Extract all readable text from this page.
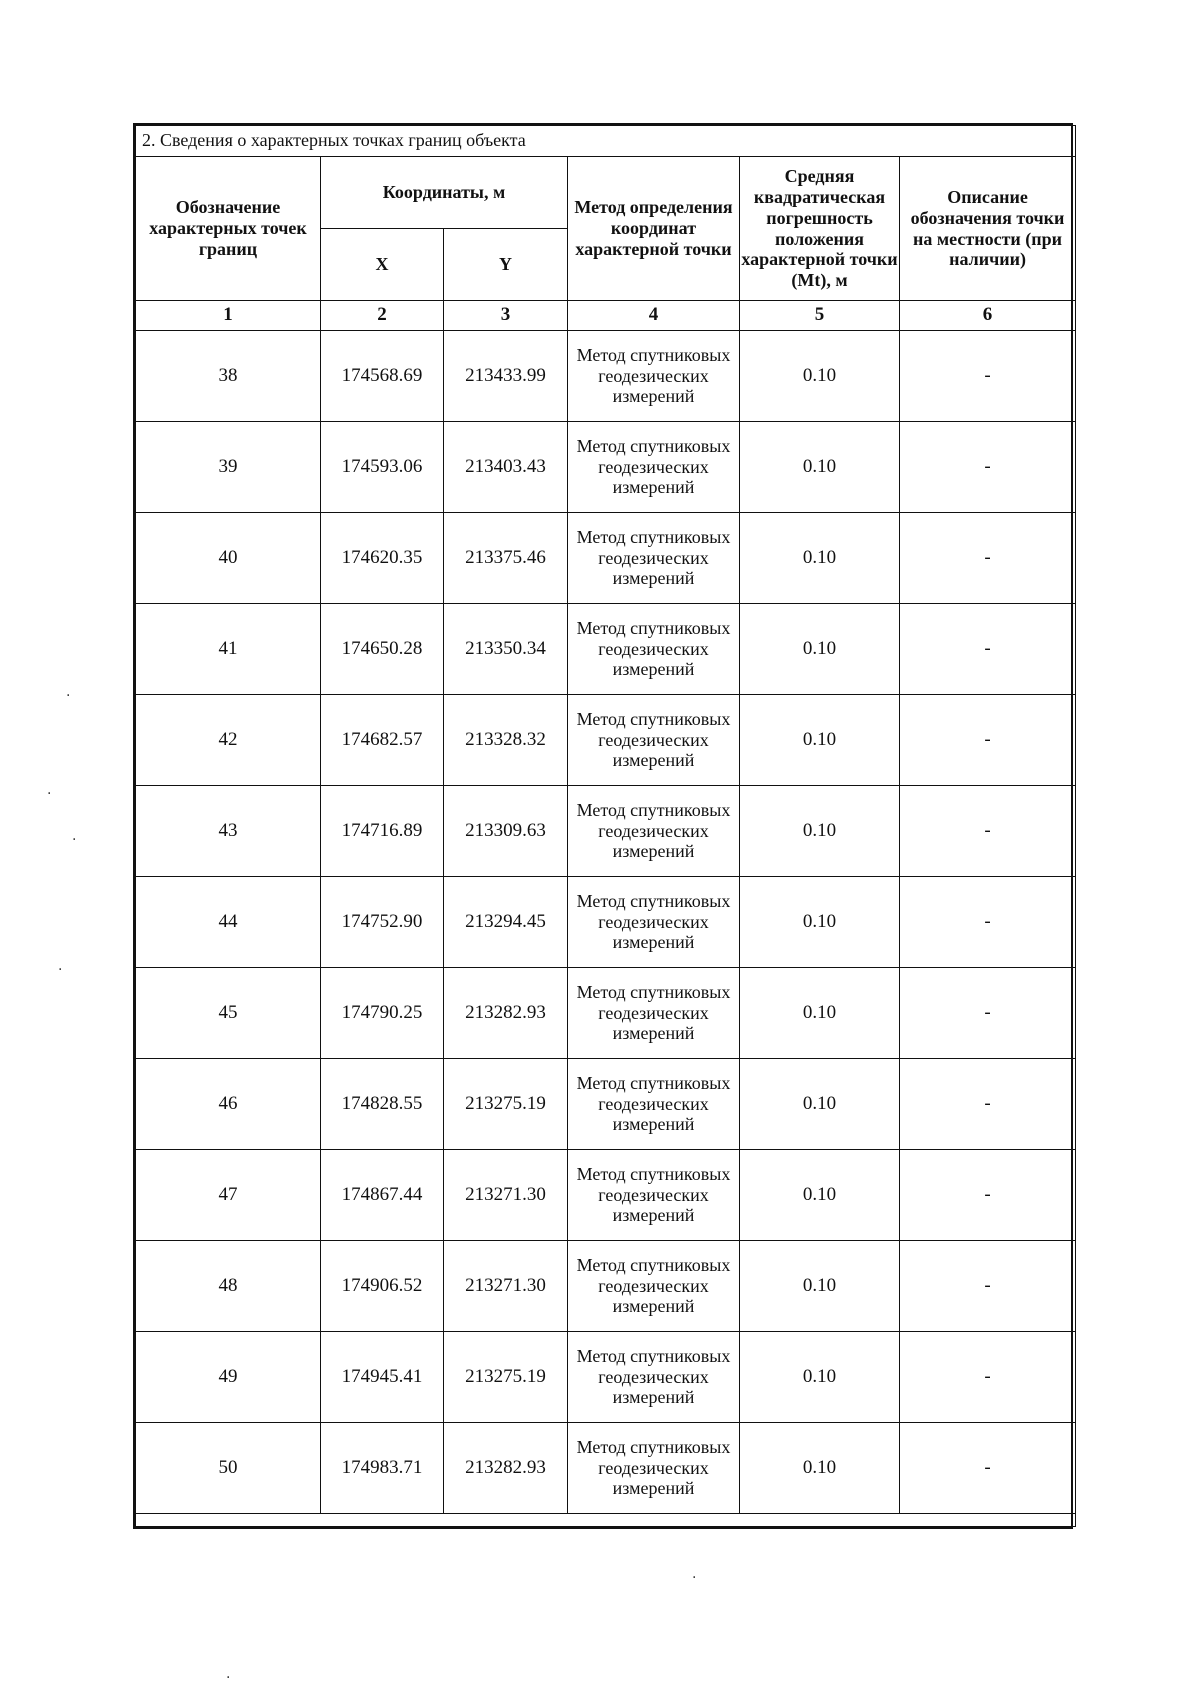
2. Сведения о характерных точках границ объекта					
Обозначение характерных точек границ	Координаты, м		Метод определения координат характерной точки	Средняя квадратическая погрешность положения характерной точки (Mt), м	Описание обозначения точки на местности (при наличии)
	X	Y			
1	2	3	4	5	6
38	174568.69	213433.99	Метод спутниковых геодезических измерений	0.10	-
39	174593.06	213403.43	Метод спутниковых геодезических измерений	0.10	-
40	174620.35	213375.46	Метод спутниковых геодезических измерений	0.10	-
41	174650.28	213350.34	Метод спутниковых геодезических измерений	0.10	-
42	174682.57	213328.32	Метод спутниковых геодезических измерений	0.10	-
43	174716.89	213309.63	Метод спутниковых геодезических измерений	0.10	-
44	174752.90	213294.45	Метод спутниковых геодезических измерений	0.10	-
45	174790.25	213282.93	Метод спутниковых геодезических измерений	0.10	-
46	174828.55	213275.19	Метод спутниковых геодезических измерений	0.10	-
47	174867.44	213271.30	Метод спутниковых геодезических измерений	0.10	-
48	174906.52	213271.30	Метод спутниковых геодезических измерений	0.10	-
49	174945.41	213275.19	Метод спутниковых геодезических измерений	0.10	-
50	174983.71	213282.93	Метод спутниковых геодезических измерений	0.10	-

·
·
·
·
·
·
